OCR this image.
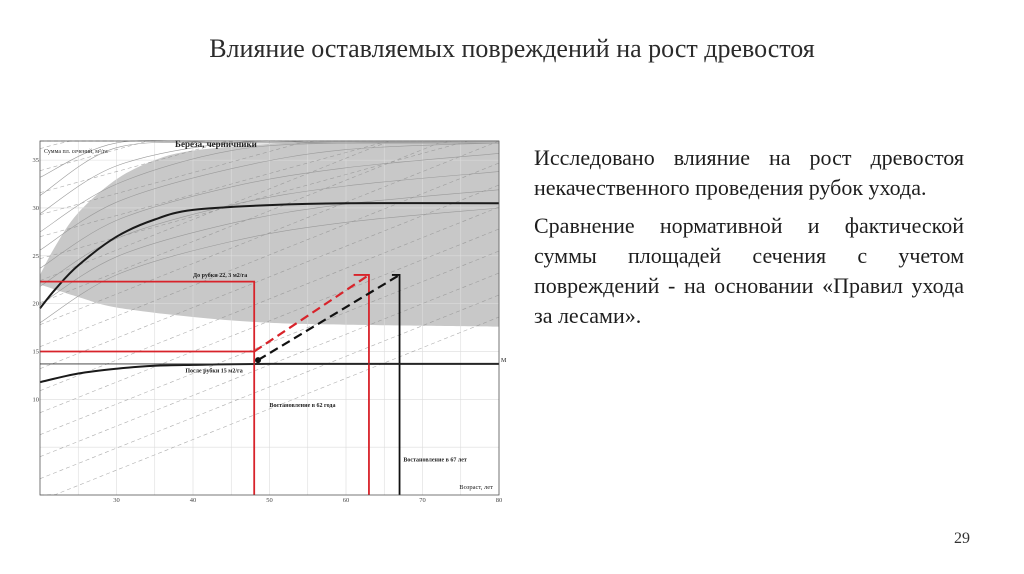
Влияние оставляемых повреждений на рост древостоя
30	40	50	60	70	80
10
15
20
25
30
35
Береза, черничники
Сумма пл. сечений, м²/га
Возраст, лет
М
До рубки 22, 3 м2/га
После рубки 15 м2/га
Востановление в 62 года
Востановление в 67 лет

Исследовано влияние на рост древостоя некачественного проведения рубок ухода.

Сравнение нормативной и фактической суммы площадей сечения с учетом повреждений - на основании «Правил ухода за лесами».

29
